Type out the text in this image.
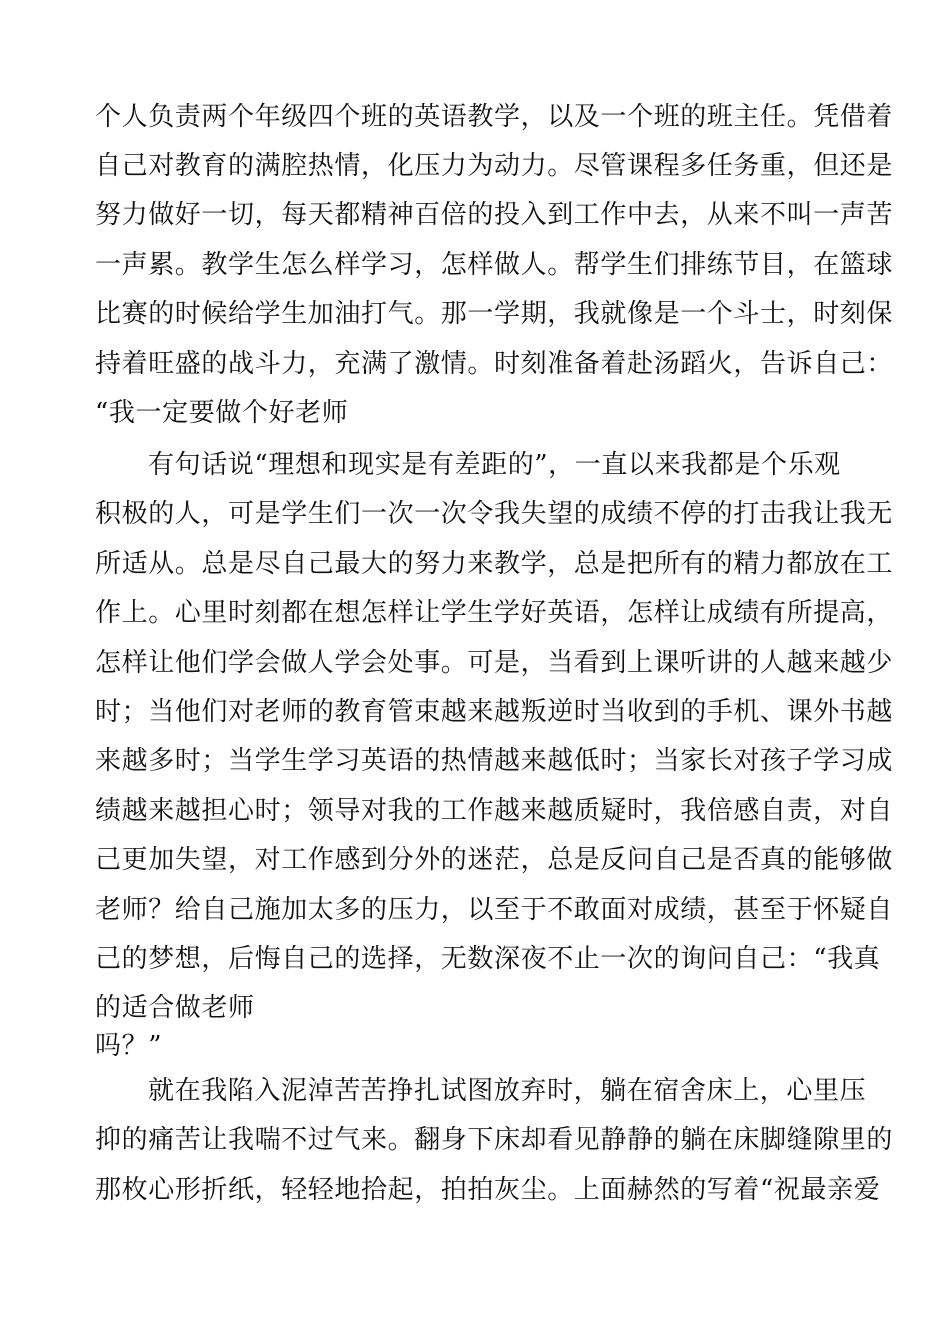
个人负责两个年级四个班的英语教学，以及一个班的班主任。凭借着
自己对教育的满腔热情，化压力为动力。尽管课程多任务重，但还是
努力做好一切，每天都精神百倍的投入到工作中去，从来不叫一声苦
一声累。教学生怎么样学习，怎样做人。帮学生们排练节目，在篮球
比赛的时候给学生加油打气。那一学期，我就像是一个斗士，时刻保
持着旺盛的战斗力，充满了激情。时刻准备着赴汤蹈火，告诉自己：
“我一定要做个好老师
有句话说“理想和现实是有差距的”，一直以来我都是个乐观
积极的人，可是学生们一次一次令我失望的成绩不停的打击我让我无
所适从。总是尽自己最大的努力来教学，总是把所有的精力都放在工
作上。心里时刻都在想怎样让学生学好英语，怎样让成绩有所提高，
怎样让他们学会做人学会处事。可是，当看到上课听讲的人越来越少
时；当他们对老师的教育管束越来越叛逆时当收到的手机、课外书越
来越多时；当学生学习英语的热情越来越低时；当家长对孩子学习成
绩越来越担心时；领导对我的工作越来越质疑时，我倍感自责，对自
己更加失望，对工作感到分外的迷茫，总是反问自己是否真的能够做
老师？给自己施加太多的压力，以至于不敢面对成绩，甚至于怀疑自
己的梦想，后悔自己的选择，无数深夜不止一次的询问自己：“我真
的适合做老师
吗？”
就在我陷入泥淖苦苦挣扎试图放弃时，躺在宿舍床上，心里压
抑的痛苦让我喘不过气来。翻身下床却看见静静的躺在床脚缝隙里的
那枚心形折纸，轻轻地拾起，拍拍灰尘。上面赫然的写着“祝最亲爱
